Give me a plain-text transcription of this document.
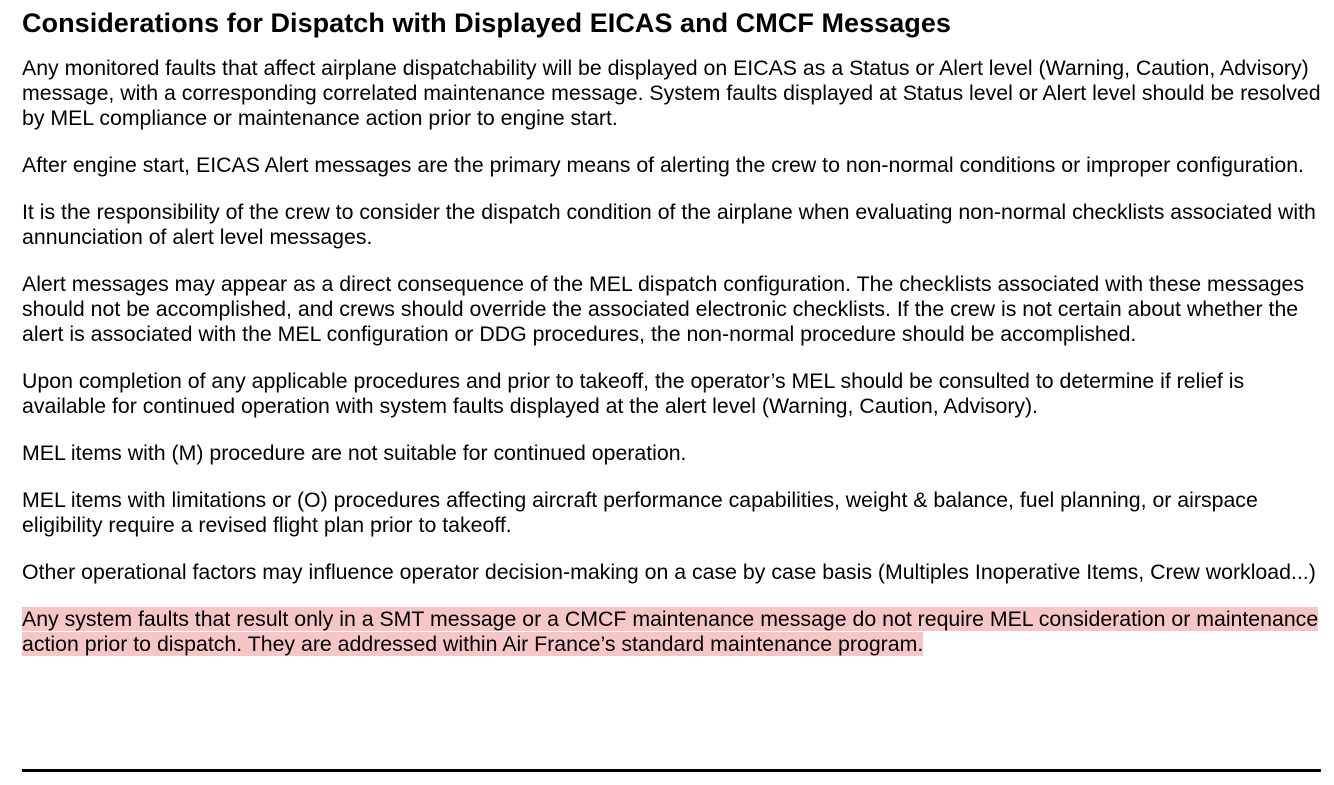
Considerations for Dispatch with Displayed EICAS and CMCF Messages

Any monitored faults that affect airplane dispatchability will be displayed on EICAS as a Status or Alert level (Warning, Caution, Advisory) message, with a corresponding correlated maintenance message. System faults displayed at Status level or Alert level should be resolved by MEL compliance or maintenance action prior to engine start.

After engine start, EICAS Alert messages are the primary means of alerting the crew to non-normal conditions or improper configuration.

It is the responsibility of the crew to consider the dispatch condition of the airplane when evaluating non-normal checklists associated with annunciation of alert level messages.

Alert messages may appear as a direct consequence of the MEL dispatch configuration. The checklists associated with these messages should not be accomplished, and crews should override the associated electronic checklists. If the crew is not certain about whether the alert is associated with the MEL configuration or DDG procedures, the non-normal procedure should be accomplished.

Upon completion of any applicable procedures and prior to takeoff, the operator’s MEL should be consulted to determine if relief is available for continued operation with system faults displayed at the alert level (Warning, Caution, Advisory).

MEL items with (M) procedure are not suitable for continued operation.

MEL items with limitations or (O) procedures affecting aircraft performance capabilities, weight & balance, fuel planning, or airspace eligibility require a revised flight plan prior to takeoff.

Other operational factors may influence operator decision-making on a case by case basis (Multiples Inoperative Items, Crew workload...)

Any system faults that result only in a SMT message or a CMCF maintenance message do not require MEL consideration or maintenance action prior to dispatch. They are addressed within Air France’s standard maintenance program.
